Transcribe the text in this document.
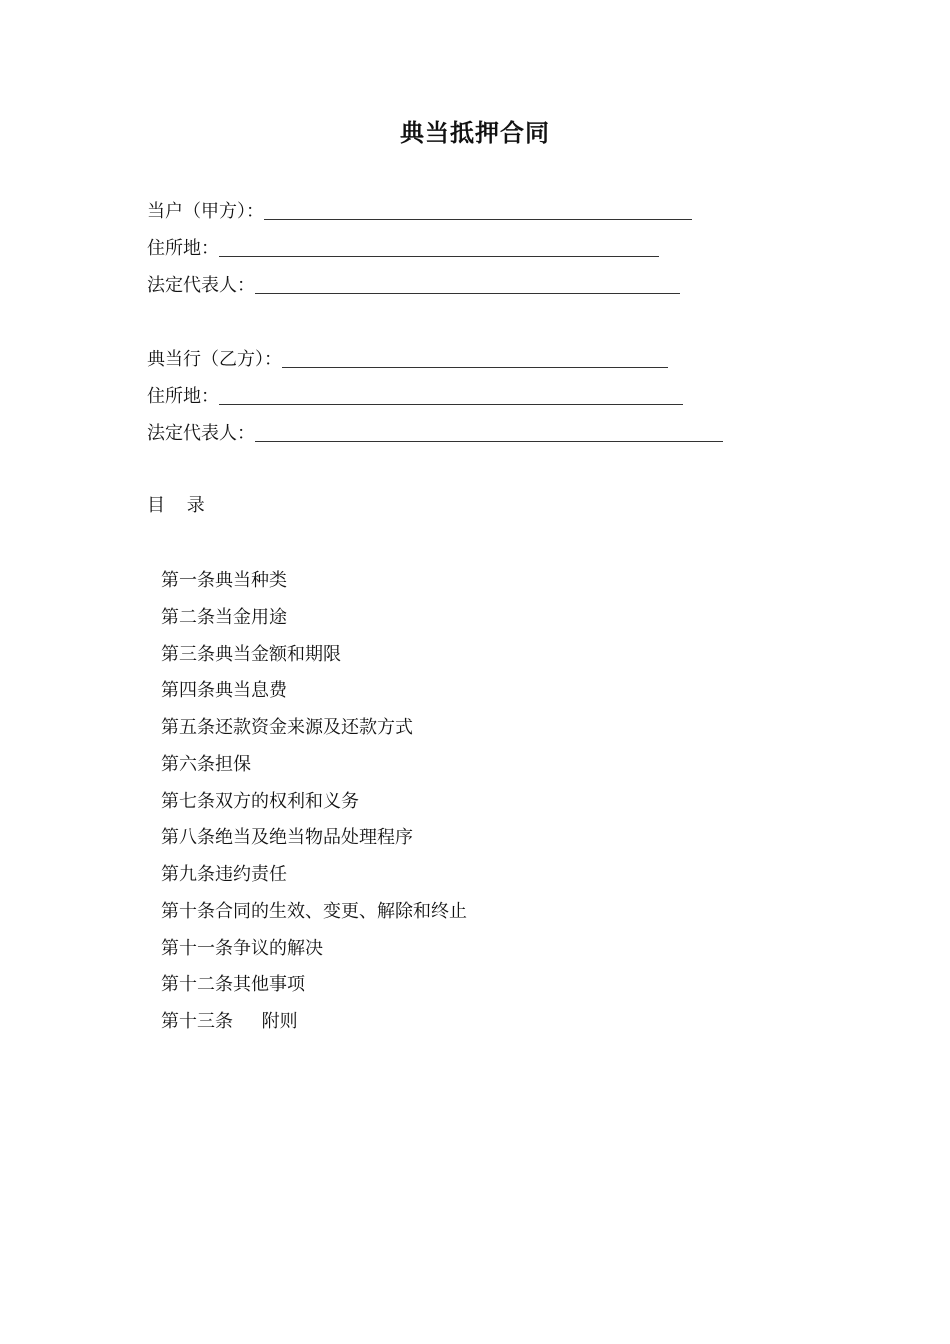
典当抵押合同
当户（甲方）：
住所地：
法定代表人：
典当行（乙方）：
住所地：
法定代表人：
目 录
第一条典当种类
第二条当金用途
第三条典当金额和期限
第四条典当息费
第五条还款资金来源及还款方式
第六条担保
第七条双方的权利和义务
第八条绝当及绝当物品处理程序
第九条违约责任
第十条合同的生效、变更、解除和终止
第十一条争议的解决
第十二条其他事项
第十三条     附则
